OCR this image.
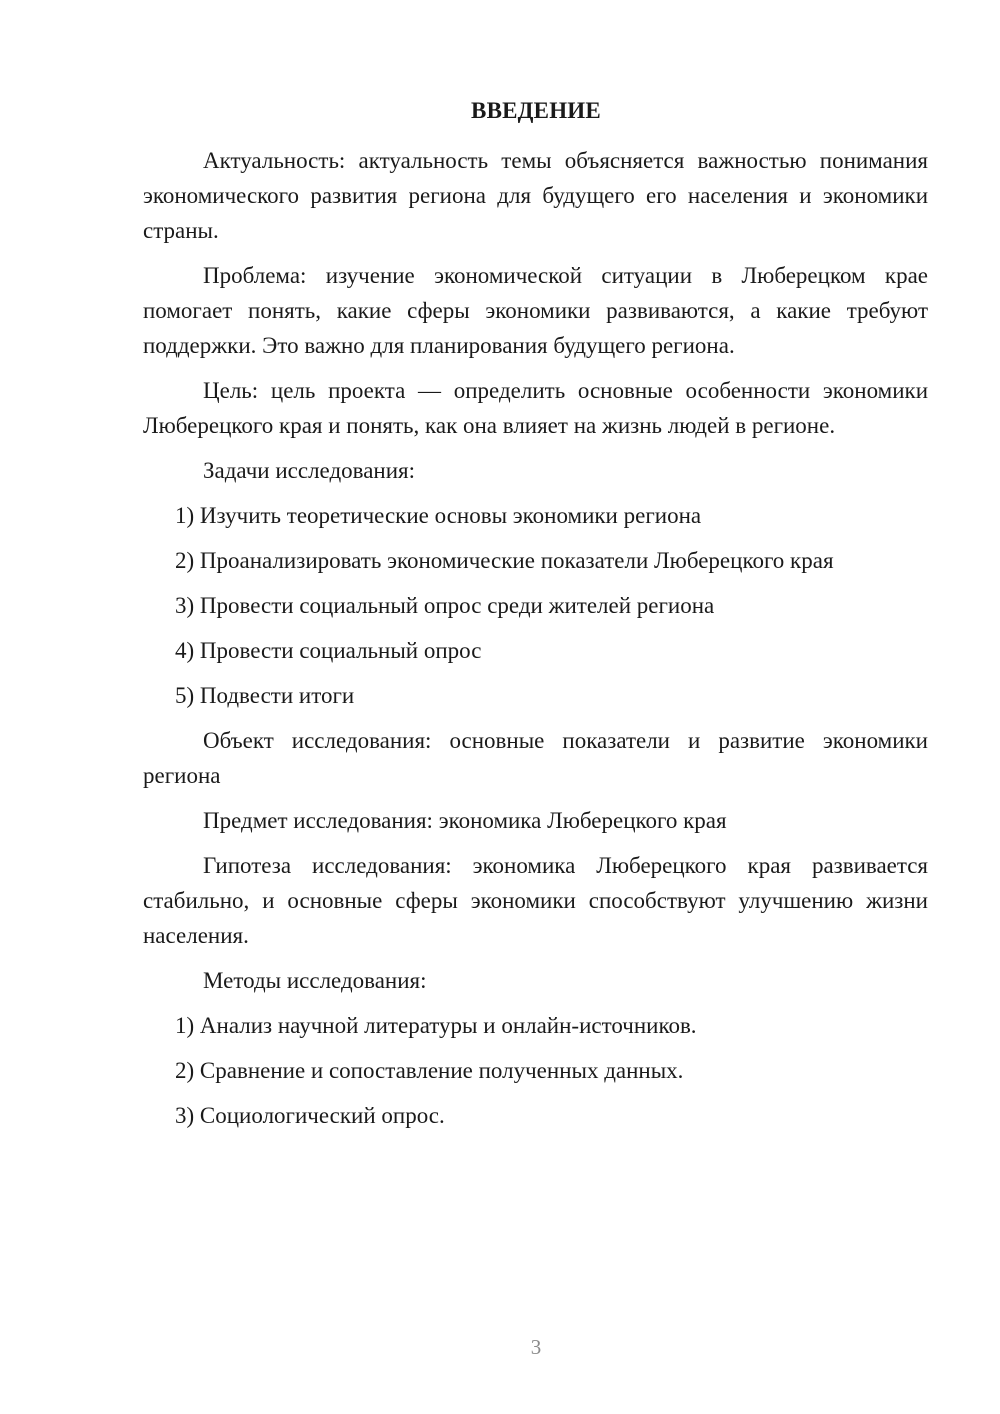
ВВЕДЕНИЕ

Актуальность: актуальность темы объясняется важностью понимания экономического развития региона для будущего его населения и экономики страны.

Проблема: изучение экономической ситуации в Люберецком крае помогает понять, какие сферы экономики развиваются, а какие требуют поддержки. Это важно для планирования будущего региона.

Цель: цель проекта — определить основные особенности экономики Люберецкого края и понять, как она влияет на жизнь людей в регионе.

Задачи исследования:

1) Изучить теоретические основы экономики региона

2) Проанализировать экономические показатели Люберецкого края

3) Провести социальный опрос среди жителей региона

4) Провести социальный опрос

5) Подвести итоги

Объект исследования: основные показатели и развитие экономики региона

Предмет исследования: экономика Люберецкого края

Гипотеза исследования: экономика Люберецкого края развивается стабильно, и основные сферы экономики способствуют улучшению жизни населения.

Методы исследования:

1) Анализ научной литературы и онлайн-источников.

2) Сравнение и сопоставление полученных данных.

3) Социологический опрос.

3
